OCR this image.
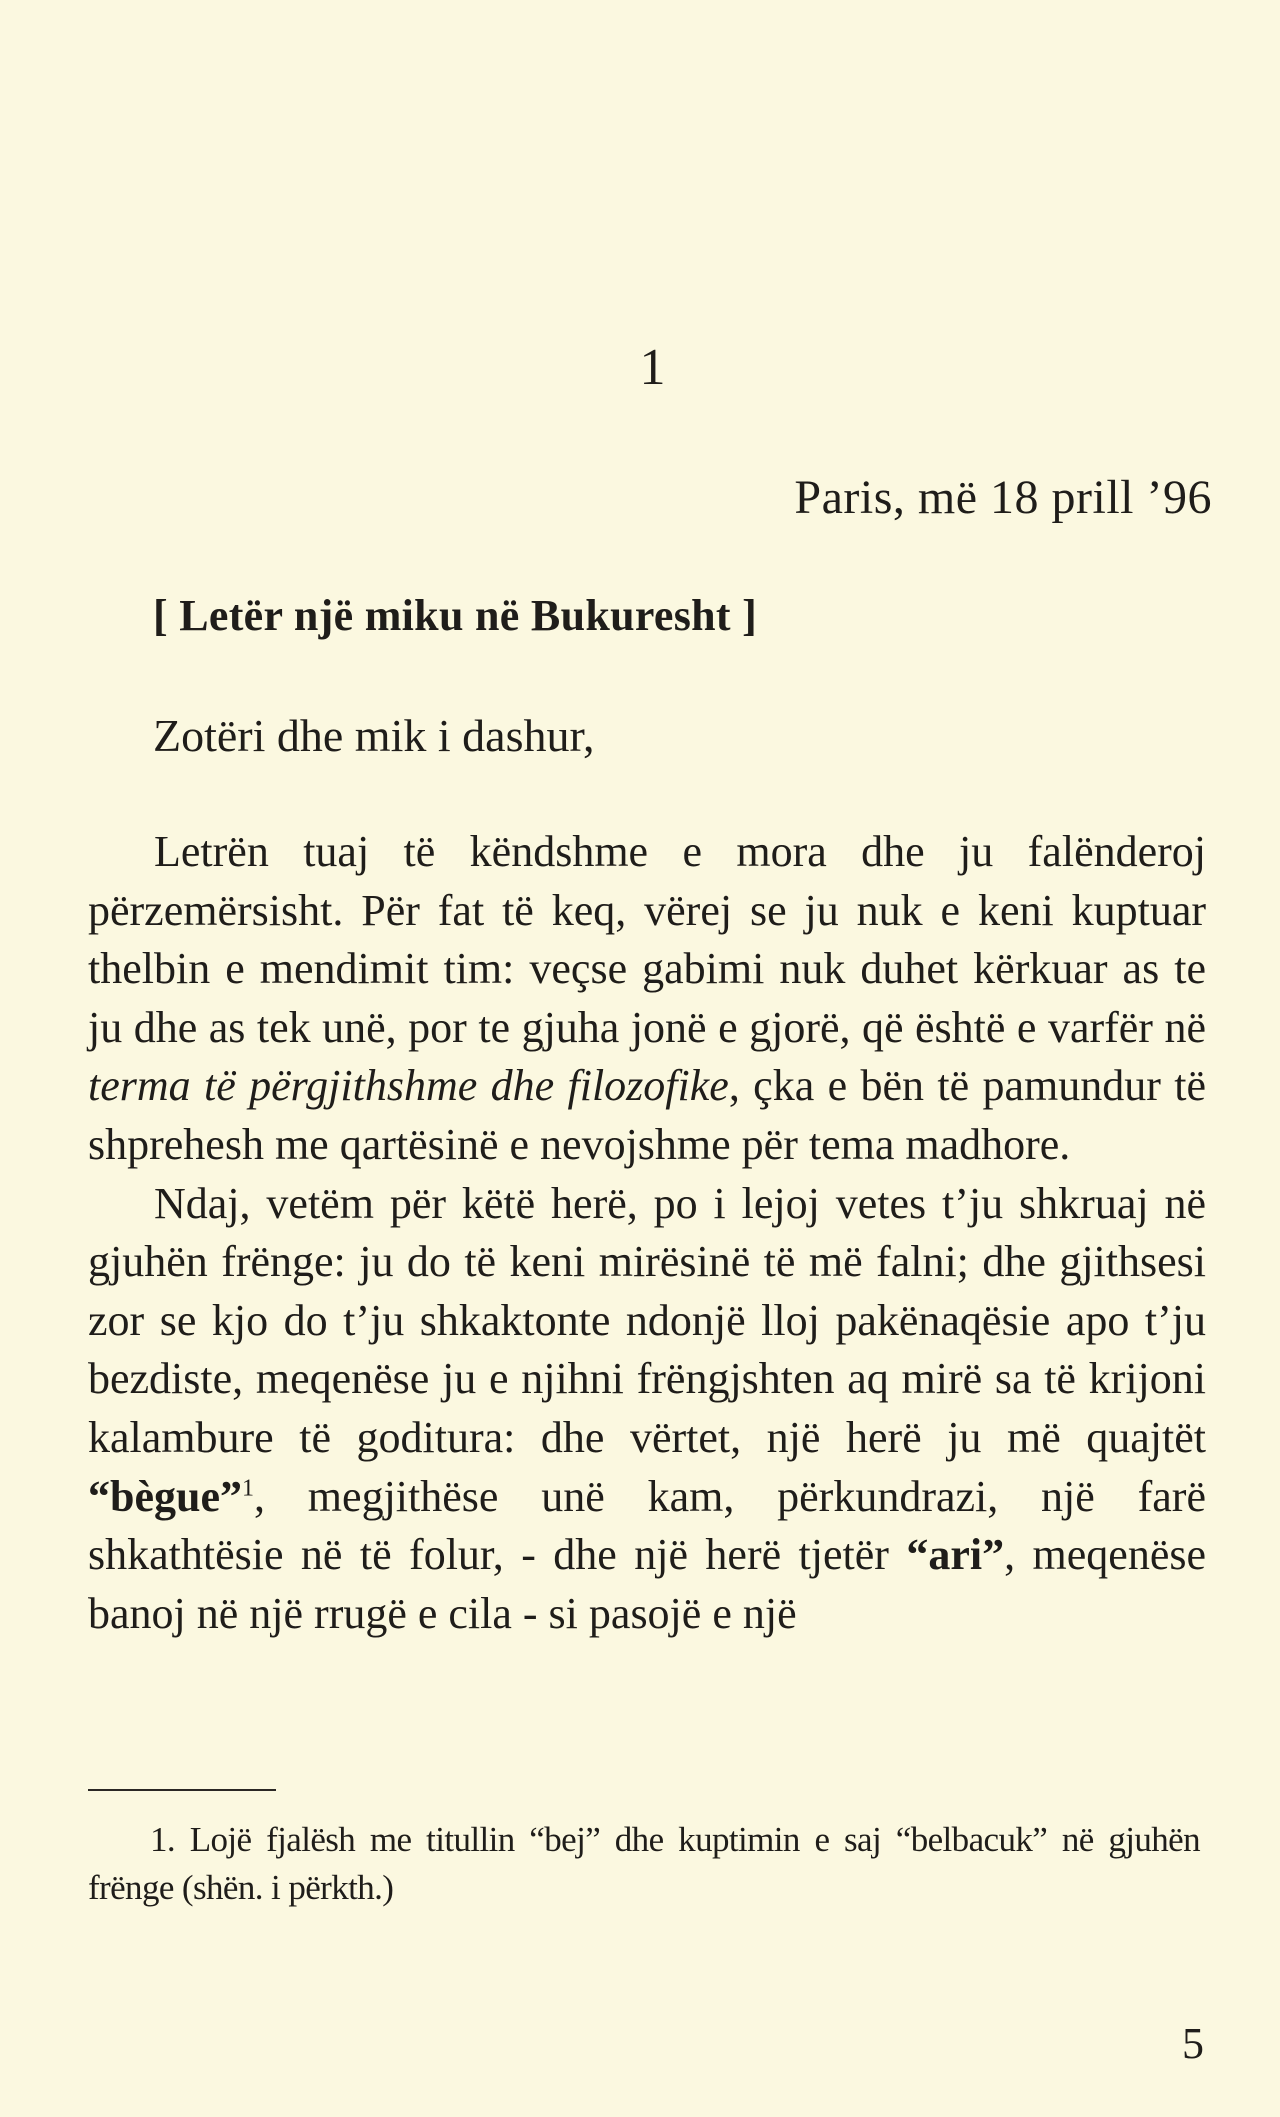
1
Paris, më 18 prill ’96
[ Letër një miku në Bukuresht ]
Zotëri dhe mik i dashur,

Letrën tuaj të këndshme e mora dhe ju falënderoj përzemërsisht. Për fat të keq, vërej se ju nuk e keni kuptuar thelbin e mendimit tim: veçse gabimi nuk duhet kërkuar as te ju dhe as tek unë, por te gjuha jonë e gjorë, që është e varfër në terma të përgjithshme dhe filozofike, çka e bën të pamundur të shprehesh me qartësinë e nevojshme për tema madhore.

Ndaj, vetëm për këtë herë, po i lejoj vetes t’ju shkruaj në gjuhën frënge: ju do të keni mirësinë të më falni; dhe gjithsesi zor se kjo do t’ju shkaktonte ndonjë lloj pakënaqësie apo t’ju bezdiste, meqenëse ju e njihni frëngjshten aq mirë sa të krijoni kalambure të goditura: dhe vërtet, një herë ju më quajtët “bègue”$^1$, megjithëse unë kam, përkundrazi, një farë shkathtësie në të folur, - dhe një herë tjetër “ari”, meqenëse banoj në një rrugë e cila - si pasojë e një

1. Lojë fjalësh me titullin “bej” dhe kuptimin e saj “belbacuk” në gjuhën frënge (shën. i përkth.)
5
